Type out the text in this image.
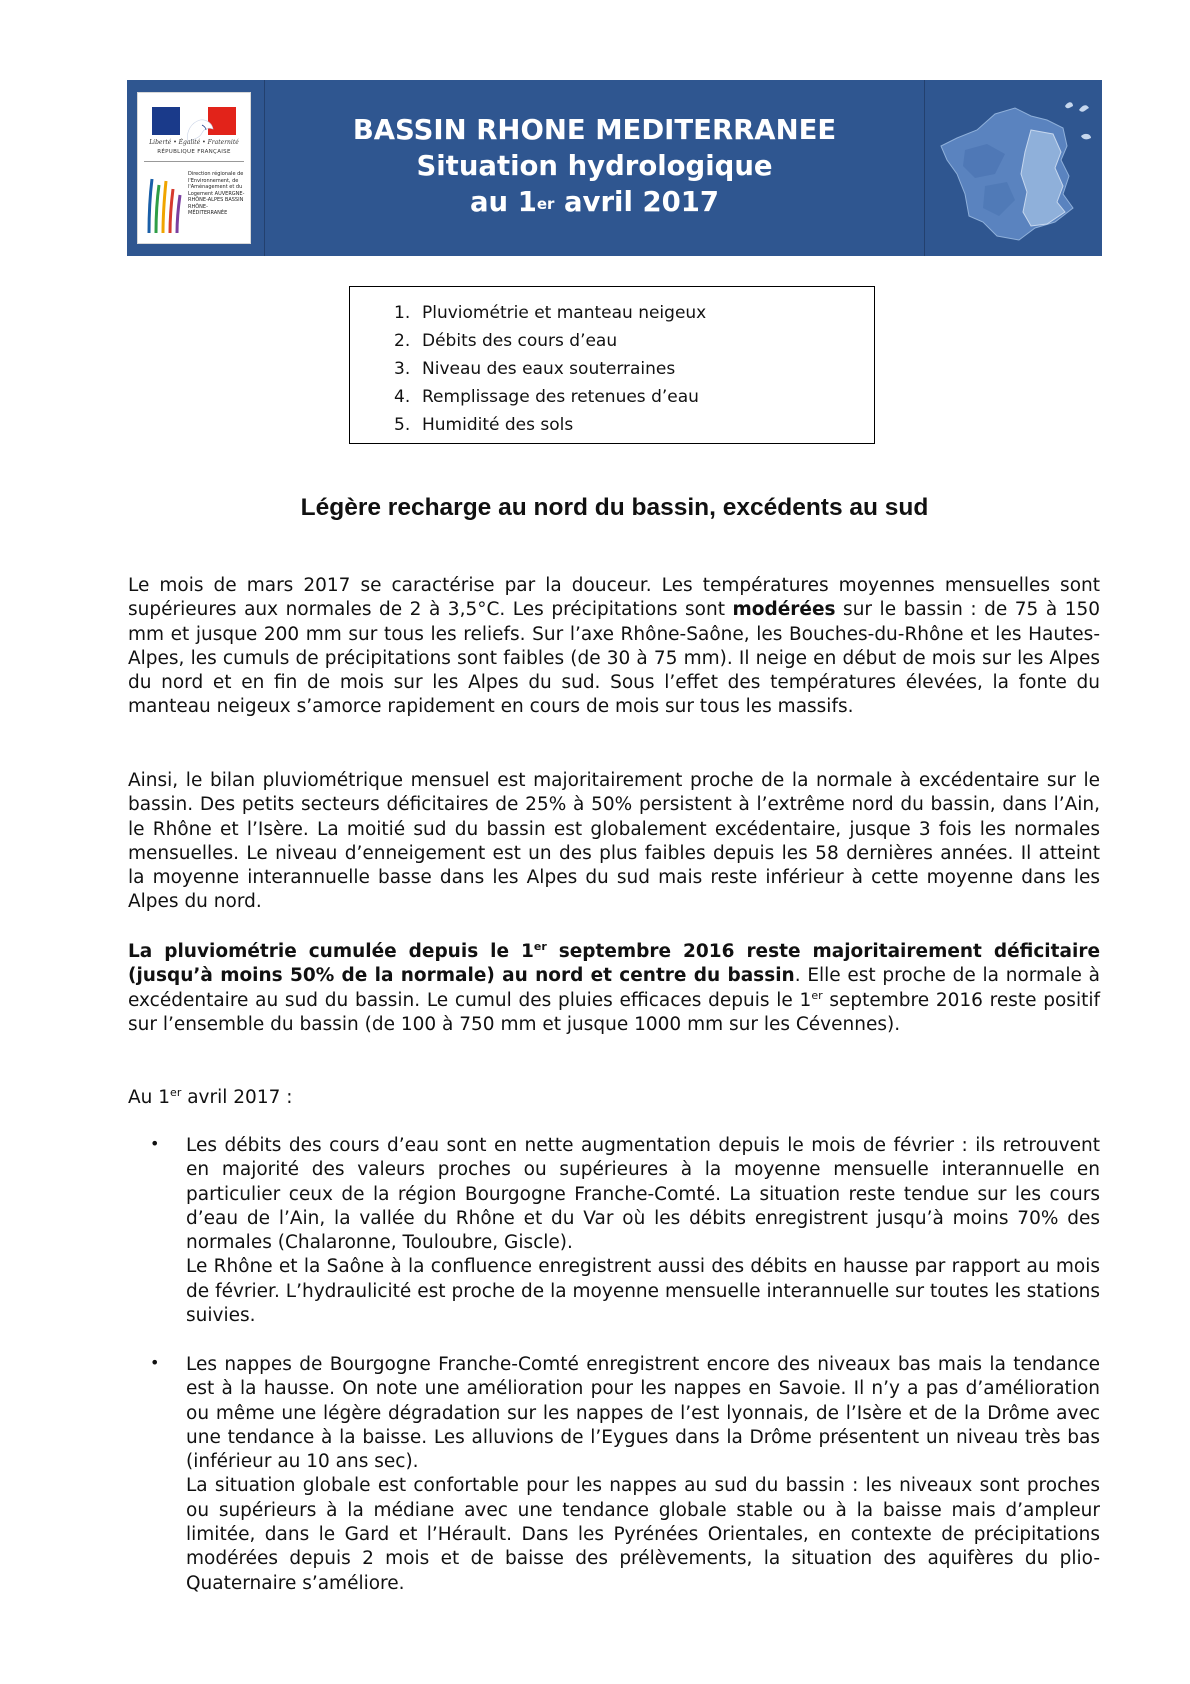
Liberté • Égalité • Fraternité
RÉPUBLIQUE FRANÇAISE
Direction régionale de l'Environnement, de l'Aménagement et du Logement AUVERGNE-RHÔNE-ALPES BASSIN RHÔNE-MÉDITERRANÉE
BASSIN RHONE MEDITERRANEE
Situation hydrologique
au 1er avril 2017
1. Pluviométrie et manteau neigeux
2. Débits des cours d’eau
3. Niveau des eaux souterraines
4. Remplissage des retenues d’eau
5. Humidité des sols
Légère recharge au nord du bassin, excédents au sud
Le mois de mars 2017 se caractérise par la douceur. Les températures moyennes mensuelles sont supérieures aux normales de 2 à 3,5°C. Les précipitations sont modérées sur le bassin : de 75 à 150 mm et jusque 200 mm sur tous les reliefs. Sur l’axe Rhône-Saône, les Bouches-du-Rhône et les Hautes-Alpes, les cumuls de précipitations sont faibles (de 30 à 75 mm). Il neige en début de mois sur les Alpes du nord et en fin de mois sur les Alpes du sud. Sous l’effet des températures élevées, la fonte du manteau neigeux s’amorce rapidement en cours de mois sur tous les massifs.
Ainsi, le bilan pluviométrique mensuel est majoritairement proche de la normale à excédentaire sur le bassin. Des petits secteurs déficitaires de 25% à 50% persistent à l’extrême nord du bassin, dans l’Ain, le Rhône et l’Isère. La moitié sud du bassin est globalement excédentaire, jusque 3 fois les normales mensuelles. Le niveau d’enneigement est un des plus faibles depuis les 58 dernières années. Il atteint la moyenne interannuelle basse dans les Alpes du sud mais reste inférieur à cette moyenne dans les Alpes du nord.
La pluviométrie cumulée depuis le 1er septembre 2016 reste majoritairement déficitaire (jusqu’à moins 50% de la normale) au nord et centre du bassin. Elle est proche de la normale à excédentaire au sud du bassin. Le cumul des pluies efficaces depuis le 1er septembre 2016 reste positif sur l’ensemble du bassin (de 100 à 750 mm et jusque 1000 mm sur les Cévennes).
Au 1er avril 2017 :
• Les débits des cours d’eau sont en nette augmentation depuis le mois de février : ils retrouvent en majorité des valeurs proches ou supérieures à la moyenne mensuelle interannuelle en particulier ceux de la région Bourgogne Franche-Comté. La situation reste tendue sur les cours d’eau de l’Ain, la vallée du Rhône et du Var où les débits enregistrent jusqu’à moins 70% des normales (Chalaronne, Touloubre, Giscle).

Le Rhône et la Saône à la confluence enregistrent aussi des débits en hausse par rapport au mois de février. L’hydraulicité est proche de la moyenne mensuelle interannuelle sur toutes les stations suivies.

• Les nappes de Bourgogne Franche-Comté enregistrent encore des niveaux bas mais la tendance est à la hausse. On note une amélioration pour les nappes en Savoie. Il n’y a pas d’amélioration ou même une légère dégradation sur les nappes de l’est lyonnais, de l’Isère et de la Drôme avec une tendance à la baisse. Les alluvions de l’Eygues dans la Drôme présentent un niveau très bas (inférieur au 10 ans sec).

La situation globale est confortable pour les nappes au sud du bassin : les niveaux sont proches ou supérieurs à la médiane avec une tendance globale stable ou à la baisse mais d’ampleur limitée, dans le Gard et l’Hérault. Dans les Pyrénées Orientales, en contexte de précipitations modérées depuis 2 mois et de baisse des prélèvements, la situation des aquifères du plio-Quaternaire s’améliore.
